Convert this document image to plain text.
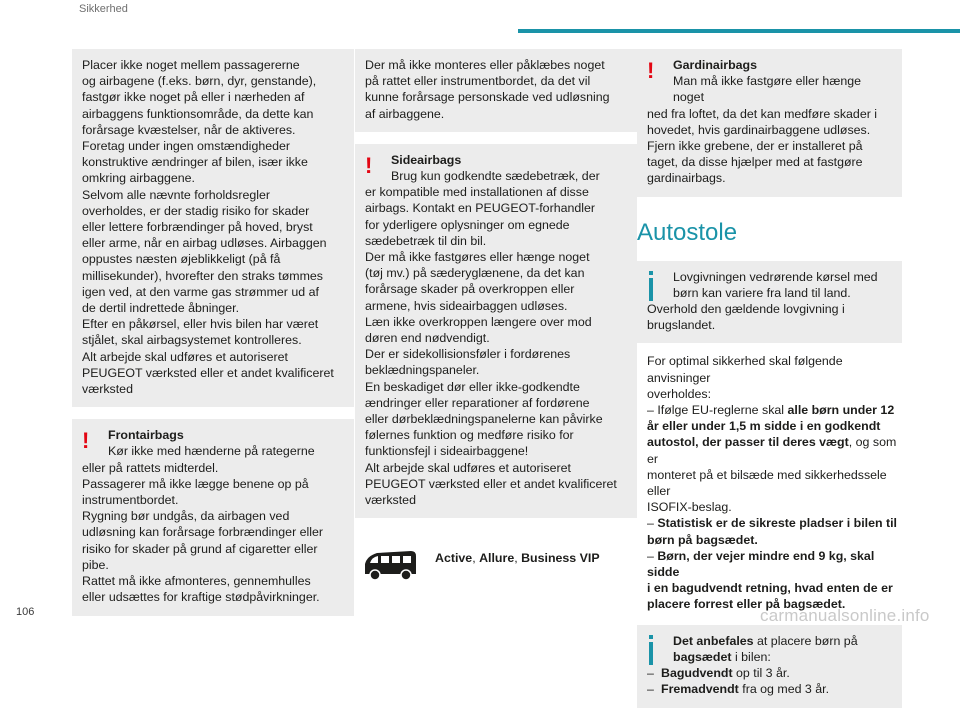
Sikkerhed

Placer ikke noget mellem passagererne
og airbagene (f.eks. børn, dyr, genstande),
fastgør ikke noget på eller i nærheden af
airbaggens funktionsområde, da dette kan
forårsage kvæstelser, når de aktiveres.
Foretag under ingen omstændigheder
konstruktive ændringer af bilen, især ikke
omkring airbaggene.
Selvom alle nævnte forholdsregler
overholdes, er der stadig risiko for skader
eller lettere forbrændinger på hoved, bryst
eller arme, når en airbag udløses. Airbaggen
oppustes næsten øjeblikkeligt (på få
millisekunder), hvorefter den straks tømmes
igen ved, at den varme gas strømmer ud af
de dertil indrettede åbninger.
Efter en påkørsel, eller hvis bilen har været
stjålet, skal airbagsystemet kontrolleres.
Alt arbejde skal udføres et autoriseret
PEUGEOT værksted eller et andet kvalificeret
værksted

! Frontairbags
Kør ikke med hænderne på rategerne

eller på rattets midterdel.
Passagerer må ikke lægge benene op på
instrumentbordet.
Rygning bør undgås, da airbagen ved
udløsning kan forårsage forbrændinger eller
risiko for skader på grund af cigaretter eller
pibe.
Rattet må ikke afmonteres, gennemhulles
eller udsættes for kraftige stødpåvirkninger.

Der må ikke monteres eller påklæbes noget
på rattet eller instrumentbordet, da det vil
kunne forårsage personskade ved udløsning
af airbaggene.

! Sideairbags
Brug kun godkendte sædebetræk, der

er kompatible med installationen af disse
airbags. Kontakt en PEUGEOT-forhandler
for yderligere oplysninger om egnede
sædebetræk til din bil.
Der må ikke fastgøres eller hænge noget
(tøj mv.) på sæderyglænene, da det kan
forårsage skader på overkroppen eller
armene, hvis sideairbaggen udløses.
Læn ikke overkroppen længere over mod
døren end nødvendigt.
Der er sidekollisionsføler i fordørenes
beklædningspaneler.
En beskadiget dør eller ikke-godkendte
ændringer eller reparationer af fordørene
eller dørbeklædningspanelerne kan påvirke
følernes funktion og medføre risiko for
funktionsfejl i sideairbaggene!
Alt arbejde skal udføres et autoriseret
PEUGEOT værksted eller et andet kvalificeret
værksted

Active, Allure, Business VIP

! Gardinairbags
Man må ikke fastgøre eller hænge noget

ned fra loftet, da det kan medføre skader i
hovedet, hvis gardinairbaggene udløses.
Fjern ikke grebene, der er installeret på
taget, da disse hjælper med at fastgøre
gardinairbags.

Autostole

Lovgivningen vedrørende kørsel med
børn kan variere fra land til land.

Overhold den gældende lovgivning i
brugslandet.

For optimal sikkerhed skal følgende anvisninger
overholdes:

– Ifølge EU-reglerne skal alle børn under 12
år eller under 1,5 m sidde i en godkendt
autostol, der passer til deres vægt, og som er
monteret på et bilsæde med sikkerhedssele eller
ISOFIX-beslag.

– Statistisk er de sikreste pladser i bilen til
børn på bagsædet.

– Børn, der vejer mindre end 9 kg, skal sidde
i en bagudvendt retning, hvad enten de er
placere forrest eller på bagsædet.

Det anbefales at placere børn på
bagsædet i bilen:

– Bagudvendt op til 3 år.
– Fremadvendt fra og med 3 år.

106	carmanualsonline.info
